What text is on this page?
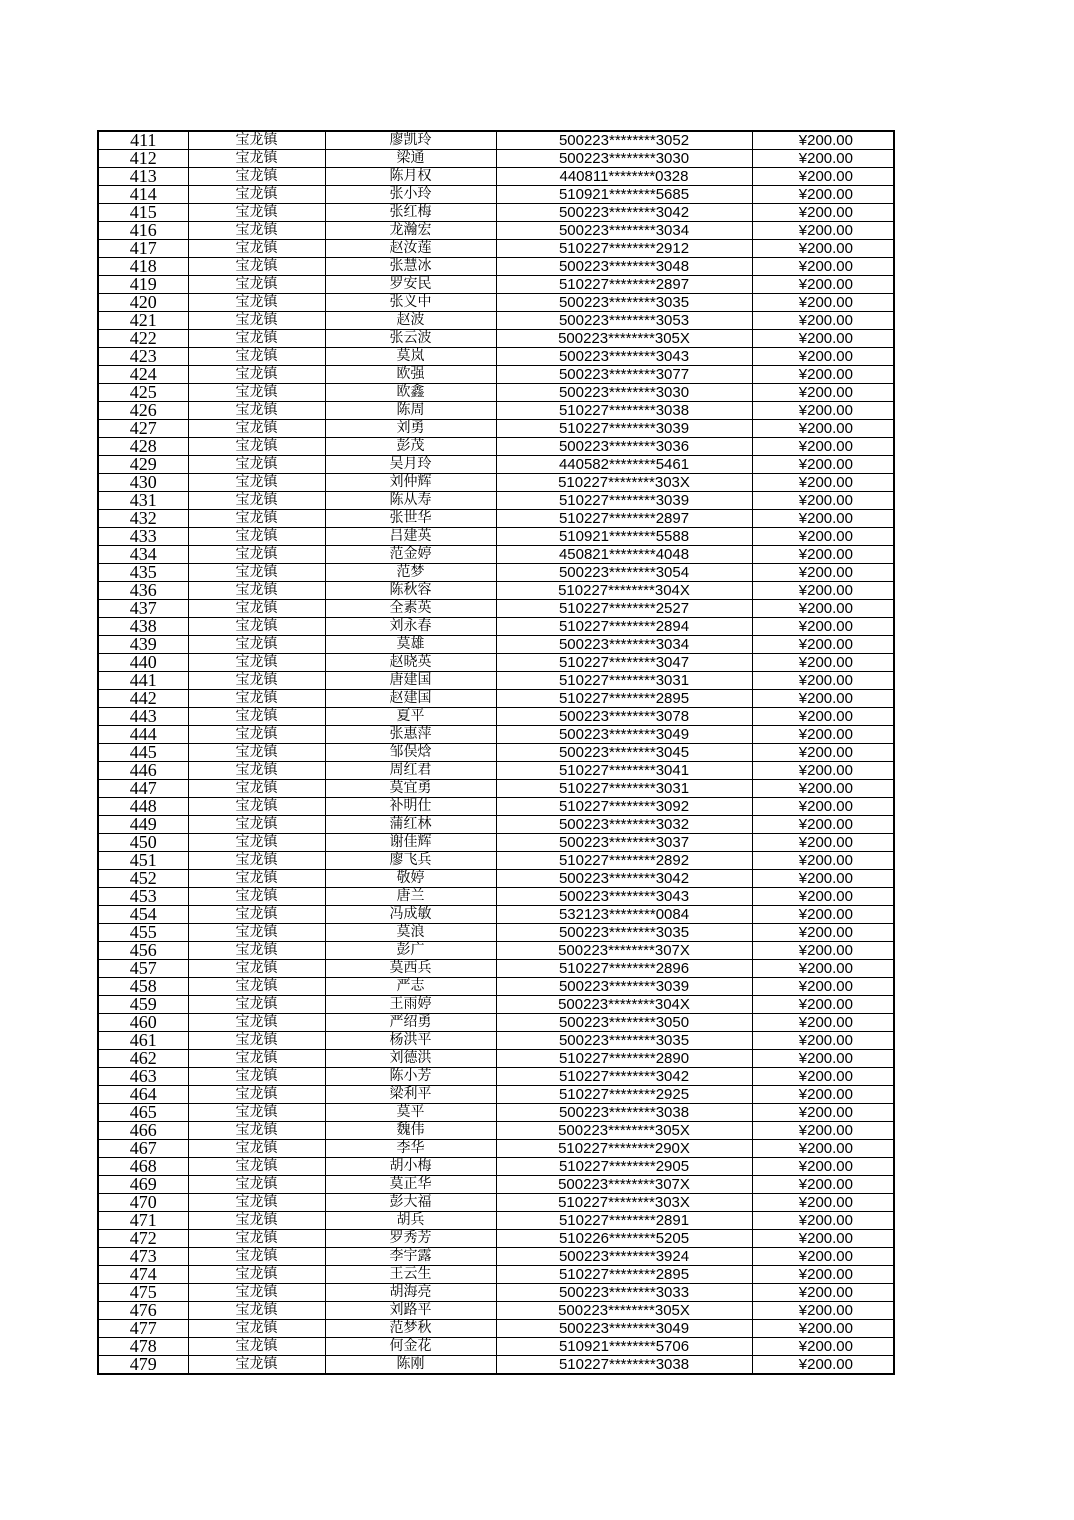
411	宝龙镇	廖凯玲	500223********3052	¥200.00
412	宝龙镇	梁通	500223********3030	¥200.00
413	宝龙镇	陈月权	440811********0328	¥200.00
414	宝龙镇	张小玲	510921********5685	¥200.00
415	宝龙镇	张红梅	500223********3042	¥200.00
416	宝龙镇	龙瀚宏	500223********3034	¥200.00
417	宝龙镇	赵汝莲	510227********2912	¥200.00
418	宝龙镇	张慧冰	500223********3048	¥200.00
419	宝龙镇	罗安民	510227********2897	¥200.00
420	宝龙镇	张义中	500223********3035	¥200.00
421	宝龙镇	赵波	500223********3053	¥200.00
422	宝龙镇	张云波	500223********305X	¥200.00
423	宝龙镇	莫岚	500223********3043	¥200.00
424	宝龙镇	欧强	500223********3077	¥200.00
425	宝龙镇	欧鑫	500223********3030	¥200.00
426	宝龙镇	陈周	510227********3038	¥200.00
427	宝龙镇	刘勇	510227********3039	¥200.00
428	宝龙镇	彭茂	500223********3036	¥200.00
429	宝龙镇	吴月玲	440582********5461	¥200.00
430	宝龙镇	刘仲辉	510227********303X	¥200.00
431	宝龙镇	陈从寿	510227********3039	¥200.00
432	宝龙镇	张世华	510227********2897	¥200.00
433	宝龙镇	吕建英	510921********5588	¥200.00
434	宝龙镇	范金婷	450821********4048	¥200.00
435	宝龙镇	范梦	500223********3054	¥200.00
436	宝龙镇	陈秋容	510227********304X	¥200.00
437	宝龙镇	全素英	510227********2527	¥200.00
438	宝龙镇	刘永春	510227********2894	¥200.00
439	宝龙镇	莫雄	500223********3034	¥200.00
440	宝龙镇	赵晓英	510227********3047	¥200.00
441	宝龙镇	唐建国	510227********3031	¥200.00
442	宝龙镇	赵建国	510227********2895	¥200.00
443	宝龙镇	夏平	500223********3078	¥200.00
444	宝龙镇	张惠萍	500223********3049	¥200.00
445	宝龙镇	邹俣焓	500223********3045	¥200.00
446	宝龙镇	周红君	510227********3041	¥200.00
447	宝龙镇	莫宜勇	510227********3031	¥200.00
448	宝龙镇	补明仕	510227********3092	¥200.00
449	宝龙镇	蒲红林	500223********3032	¥200.00
450	宝龙镇	谢佳辉	500223********3037	¥200.00
451	宝龙镇	廖飞兵	510227********2892	¥200.00
452	宝龙镇	敬婷	500223********3042	¥200.00
453	宝龙镇	唐兰	500223********3043	¥200.00
454	宝龙镇	冯成敏	532123********0084	¥200.00
455	宝龙镇	莫浪	500223********3035	¥200.00
456	宝龙镇	彭广	500223********307X	¥200.00
457	宝龙镇	莫西兵	510227********2896	¥200.00
458	宝龙镇	严志	500223********3039	¥200.00
459	宝龙镇	王雨婷	500223********304X	¥200.00
460	宝龙镇	严绍勇	500223********3050	¥200.00
461	宝龙镇	杨洪平	500223********3035	¥200.00
462	宝龙镇	刘德洪	510227********2890	¥200.00
463	宝龙镇	陈小芳	510227********3042	¥200.00
464	宝龙镇	梁利平	510227********2925	¥200.00
465	宝龙镇	莫平	500223********3038	¥200.00
466	宝龙镇	魏伟	500223********305X	¥200.00
467	宝龙镇	李华	510227********290X	¥200.00
468	宝龙镇	胡小梅	510227********2905	¥200.00
469	宝龙镇	莫正华	500223********307X	¥200.00
470	宝龙镇	彭大福	510227********303X	¥200.00
471	宝龙镇	胡兵	510227********2891	¥200.00
472	宝龙镇	罗秀芳	510226********5205	¥200.00
473	宝龙镇	李宇露	500223********3924	¥200.00
474	宝龙镇	王云生	510227********2895	¥200.00
475	宝龙镇	胡海亮	500223********3033	¥200.00
476	宝龙镇	刘路平	500223********305X	¥200.00
477	宝龙镇	范梦秋	500223********3049	¥200.00
478	宝龙镇	何金花	510921********5706	¥200.00
479	宝龙镇	陈刚	510227********3038	¥200.00
